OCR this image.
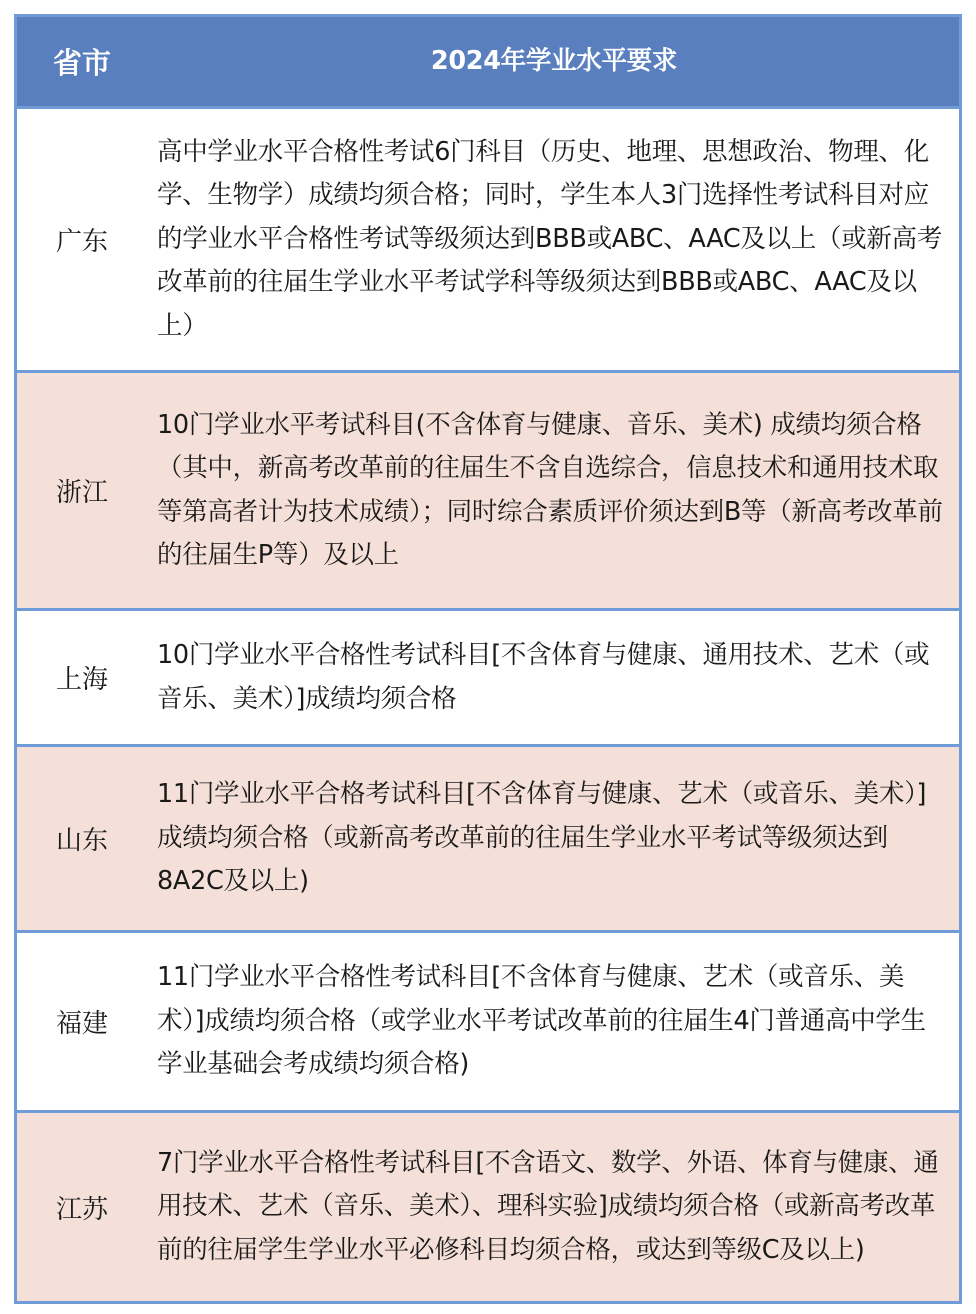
省市	2024年学业水平要求
广东
高中学业水平合格性考试6门科目（历史、地理、思想政治、物理、化学、生物学）成绩均须合格；同时，学生本人3门选择性考试科目对应的学业水平合格性考试等级须达到BBB或ABC、AAC及以上（或新高考改革前的往届生学业水平考试学科等级须达到BBB或ABC、AAC及以上）
浙江
10门学业水平考试科目(不含体育与健康、音乐、美术) 成绩均须合格（其中，新高考改革前的往届生不含自选综合，信息技术和通用技术取等第高者计为技术成绩）；同时综合素质评价须达到B等（新高考改革前的往届生P等）及以上
上海
10门学业水平合格性考试科目[不含体育与健康、通用技术、艺术（或音乐、美术）]成绩均须合格
山东
11门学业水平合格考试科目[不含体育与健康、艺术（或音乐、美术）]成绩均须合格（或新高考改革前的往届生学业水平考试等级须达到8A2C及以上)
福建
11门学业水平合格性考试科目[不含体育与健康、艺术（或音乐、美术）]成绩均须合格（或学业水平考试改革前的往届生4门普通高中学生学业基础会考成绩均须合格)
江苏
7门学业水平合格性考试科目[不含语文、数学、外语、体育与健康、通用技术、艺术（音乐、美术）、理科实验]成绩均须合格（或新高考改革前的往届学生学业水平必修科目均须合格，或达到等级C及以上)
